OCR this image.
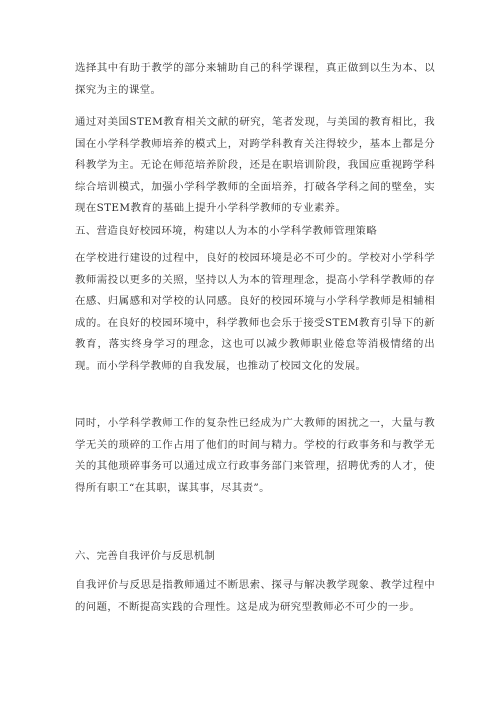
选择其中有助于教学的部分来辅助自己的科学课程，真正做到以生为本、以探究为主的课堂。

通过对美国STEM教育相关文献的研究，笔者发现，与美国的教育相比，我国在小学科学教师培养的模式上，对跨学科教育关注得较少，基本上都是分科教学为主。无论在师范培养阶段，还是在职培训阶段，我国应重视跨学科综合培训模式，加强小学科学教师的全面培养，打破各学科之间的壁垒，实现在STEM教育的基础上提升小学科学教师的专业素养。

五、营造良好校园环境，构建以人为本的小学科学教师管理策略

在学校进行建设的过程中，良好的校园环境是必不可少的。学校对小学科学教师需投以更多的关照，坚持以人为本的管理理念，提高小学科学教师的存在感、归属感和对学校的认同感。良好的校园环境与小学科学教师是相辅相成的。在良好的校园环境中，科学教师也会乐于接受STEM教育引导下的新教育，落实终身学习的理念，这也可以减少教师职业倦怠等消极情绪的出现。而小学科学教师的自我发展，也推动了校园文化的发展。

同时，小学科学教师工作的复杂性已经成为广大教师的困扰之一，大量与教学无关的琐碎的工作占用了他们的时间与精力。学校的行政事务和与教学无关的其他琐碎事务可以通过成立行政事务部门来管理，招聘优秀的人才，使得所有职工“在其职，谋其事，尽其责”。

六、完善自我评价与反思机制

自我评价与反思是指教师通过不断思索、探寻与解决教学现象、教学过程中的问题，不断提高实践的合理性。这是成为研究型教师必不可少的一步。
